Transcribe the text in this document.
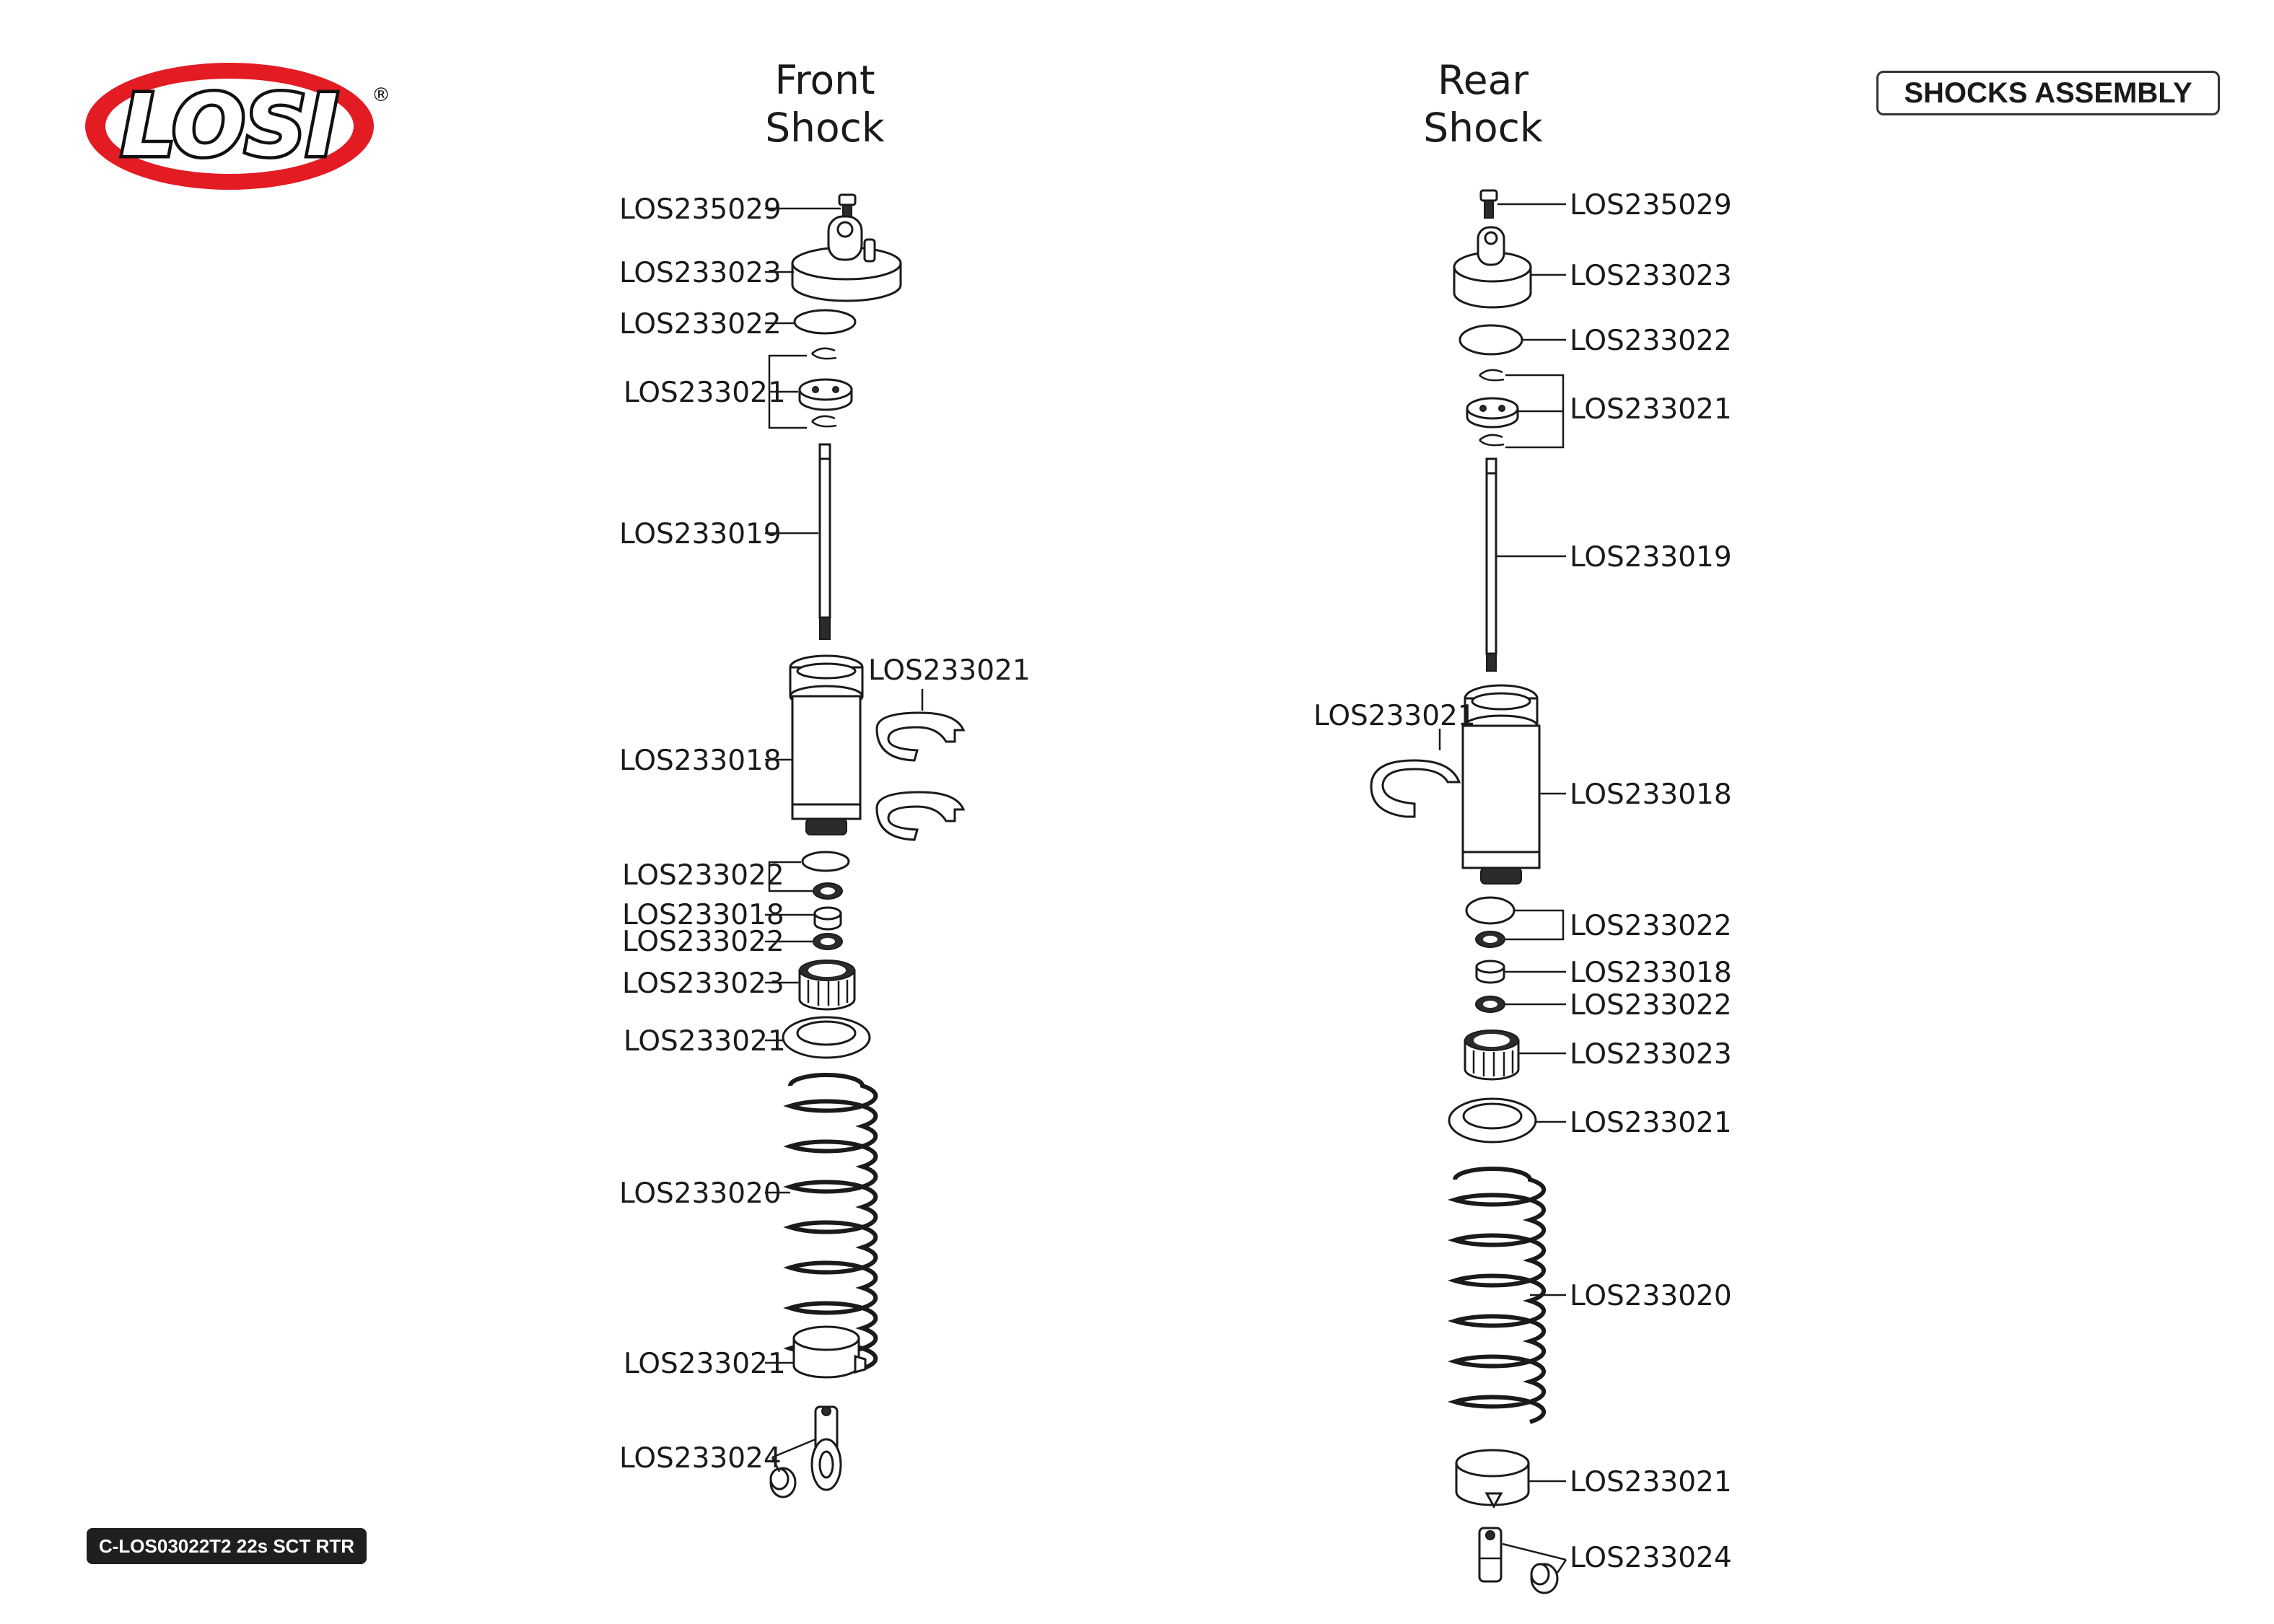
LOSI ®	Front
Shock
Rear
Shock
LOS235029
LOS233023
LOS233022
LOS233021
LOS233019
LOS233021
LOS233018
LOS233022
LOS233018
LOS233022
LOS233023
LOS233021
LOS233020
LOS233021
LOS233024
LOS235029
LOS233023
LOS233022
LOS233021
LOS233019
LOS233021
LOS233018
LOS233022
LOS233018
LOS233022
LOS233023
LOS233021
LOS233020
LOS233021
LOS233024
SHOCKS ASSEMBLY
C-LOS03022T2 22s SCT RTR
